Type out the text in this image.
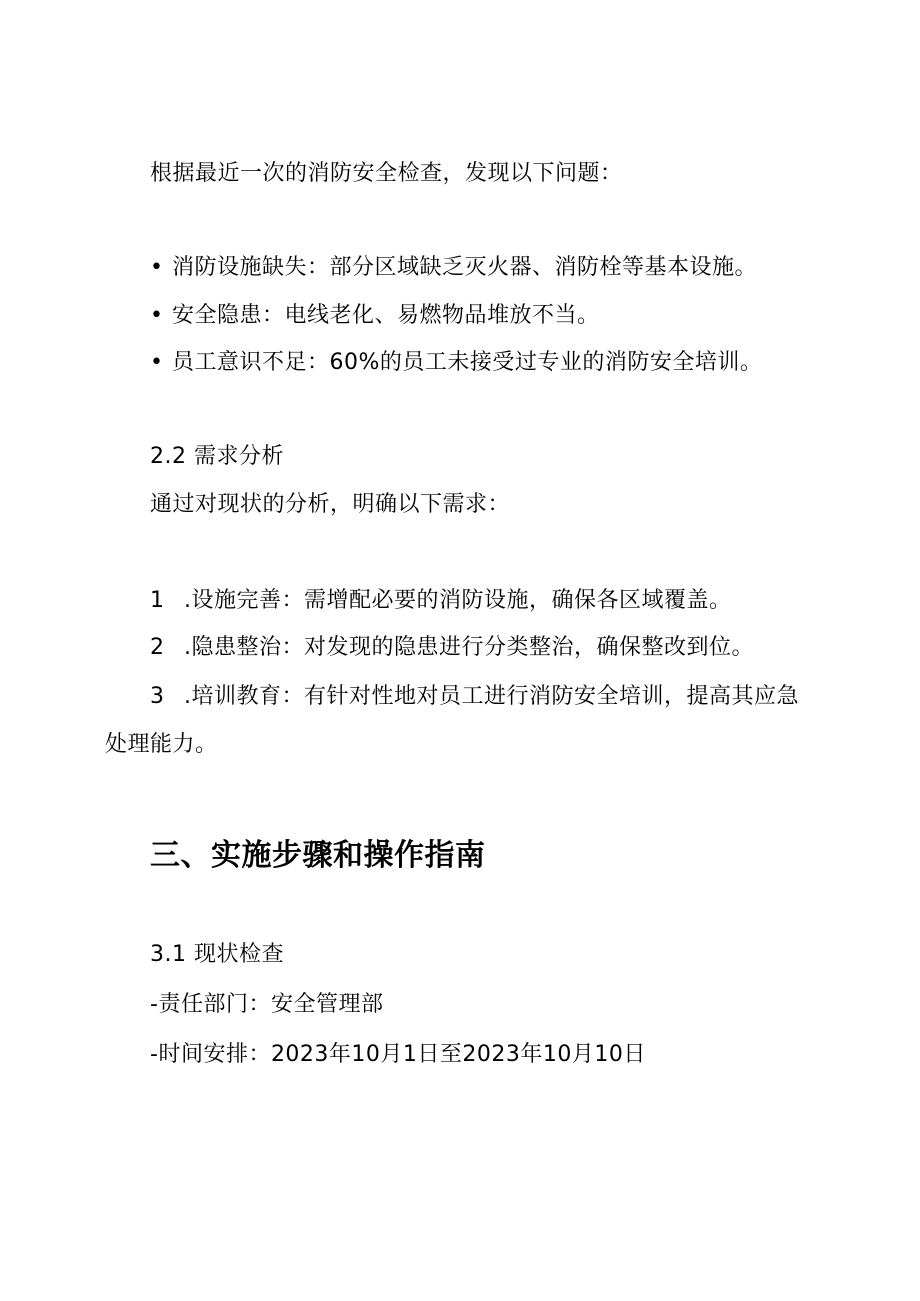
根据最近一次的消防安全检查，发现以下问题：
• 消防设施缺失：部分区域缺乏灭火器、消防栓等基本设施。
• 安全隐患：电线老化、易燃物品堆放不当。
• 员工意识不足：60%的员工未接受过专业的消防安全培训。
2.2 需求分析
通过对现状的分析，明确以下需求：
1 .设施完善：需增配必要的消防设施，确保各区域覆盖。
2 .隐患整治：对发现的隐患进行分类整治，确保整改到位。
3 .培训教育：有针对性地对员工进行消防安全培训，提高其应急
处理能力。
三、实施步骤和操作指南
3.1 现状检查
-责任部门：安全管理部
-时间安排：2023年10月1日至2023年10月10日
